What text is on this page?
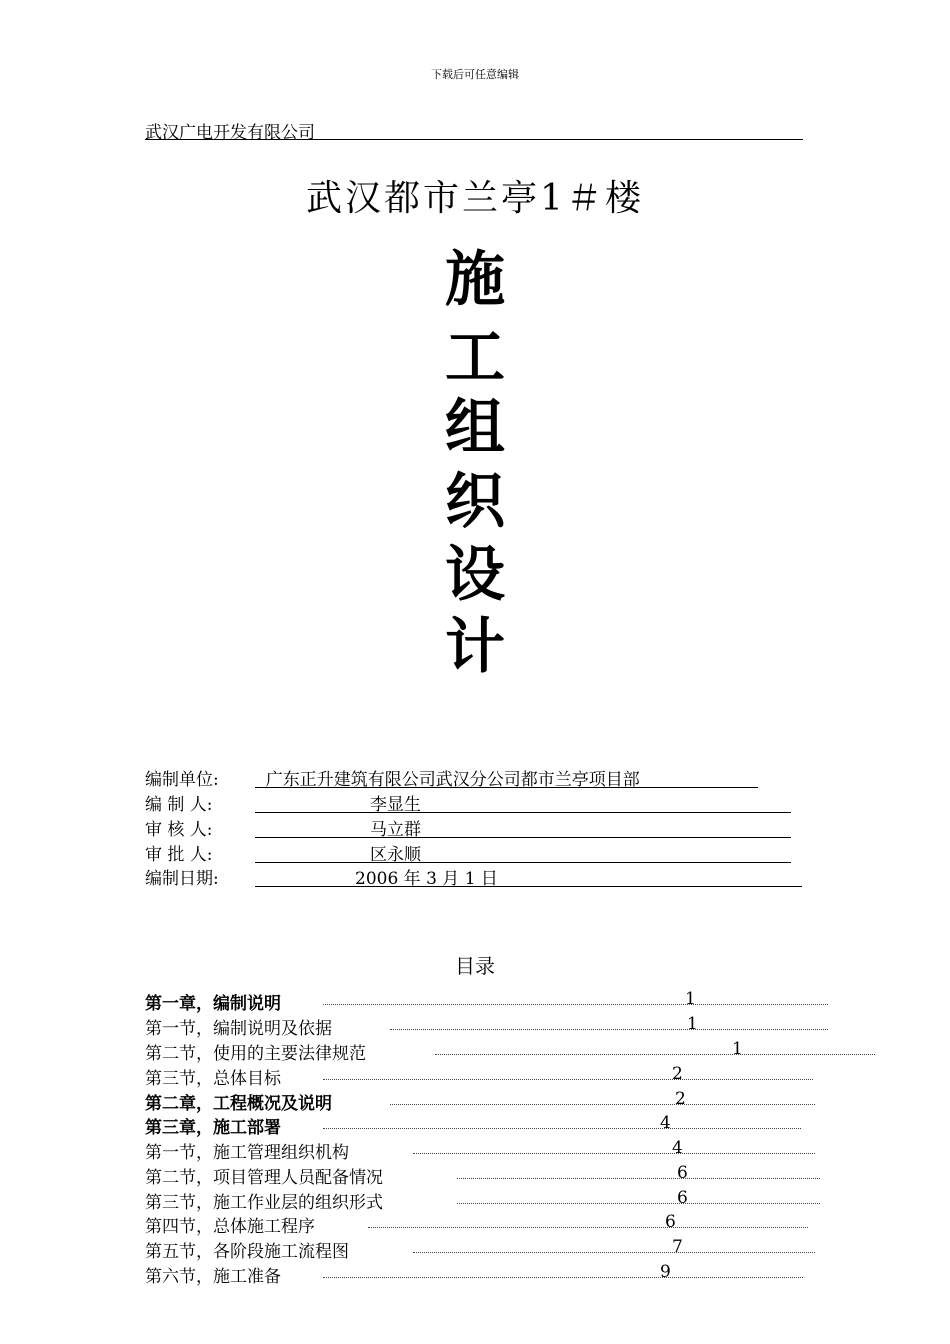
下载后可任意编辑
武汉广电开发有限公司
武汉都市兰亭1＃楼
施
工
组
织
设
计
编制单位: 广东正升建筑有限公司武汉分公司都市兰亭项目部
编 制 人:	李显生
审 核 人:	马立群
审 批 人:	区永顺
编制日期:	2006 年 3 月 1 日
目录
第一章，编制说明	1
第一节，编制说明及依据	1
第二节，使用的主要法律规范	1
第三节，总体目标	2
第二章，工程概况及说明	2
第三章，施工部署	4
第一节，施工管理组织机构	4
第二节，项目管理人员配备情况	6
第三节，施工作业层的组织形式	6
第四节，总体施工程序	6
第五节，各阶段施工流程图	7
第六节，施工准备	9
